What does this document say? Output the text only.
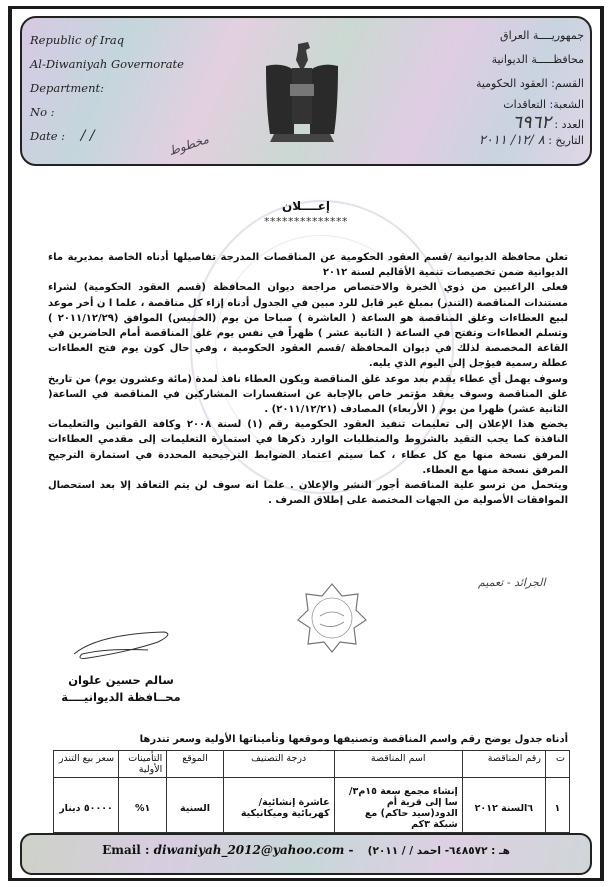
Republic of Iraq
Al-Diwaniyah Governorate
Department:
No :
Date : / /	مخطوط
جمهوريــــة العراق
محافظـــــة الديوانية
القسم: العقود الحكومية
الشعبة: التعاقدات
العدد : ٦٩٦٢
التاريخ : ٨ /١٢/ ٢٠١١
إعــــلان
**************

تعلن محافظة الديوانية /قسم العقود الحكومية عن المناقصات المدرجة تفاصيلها أدناه الخاصة بمديرية ماء الديوانية ضمن تخصيصات تنمية الأقاليم لسنة ٢٠١٢

فعلى الراغبين من ذوي الخبرة والاختصاص مراجعة ديوان المحافظة (قسم العقود الحكومية) لشراء مستندات المناقصة (التندر) بمبلغ غير قابل للرد مبين في الجدول أدناه إزاء كل مناقصة ، علما ا ن أخر موعد لبيع العطاءات وغلق المناقصة هو الساعة ( العاشرة ) صباحا من يوم (الخميس) الموافق (٢٠١١/١٢/٢٩ ) وتسلم العطاءات وتفتح في الساعة ( الثانية عشر ) ظهراً في نفس يوم غلق المناقصة أمام الحاضرين في القاعة المخصصة لذلك في ديوان المحافظة /قسم العقود الحكومية ، وفي حال كون يوم فتح العطاءات عطلة رسمية فيؤجل إلى اليوم الذي يليه.

وسوف يهمل أي عطاء يقدم بعد موعد غلق المناقصة ويكون العطاء نافذ لمدة (مائة وعشرون يوم) من تاريخ غلق المناقصة وسوف يعقد مؤتمر خاص بالإجابة عن استفسارات المشاركين في المناقصة في الساعة( الثانية عشر) ظهرا من يوم ( الأربعاء) المصادف (٢٠١١/١٢/٢١) .

يخضع هذا الإعلان إلى تعليمات تنفيذ العقود الحكومية رقم (١) لسنة ٢٠٠٨ وكافة القوانين والتعليمات النافذة كما يجب التقيد بالشروط والمتطلبات الوارد ذكرها في استمارة التعليمات إلى مقدمي العطاءات المرفق نسخة منها مع كل عطاء ، كما سيتم اعتماد الضوابط الترجيحية المحددة في استمارة الترجيح المرفق نسخة منها مع العطاء.

ويتحمل من ترسو علية المناقصة أجور النشر والإعلان . علما انه سوف لن يتم التعاقد إلا بعد استحصال الموافقات الأصولية من الجهات المختصة على إطلاق الصرف .

الجرائد - تعميم
سالم حسين علوان
محــافظة الديوانيــــة
أدناه جدول يوضح رقم واسم المناقصة وتصنيفها وموقعها وتأميناتها الأولية وسعر تندرها
ت	رقم المناقصة	اسم المناقصة	درجة التصنيف	الموقع	التأمينات الأولية	سعر بيع التندر
١	٦السنة ٢٠١٢	إنشاء مجمع سعة ١٥م٣/سا إلى قرية أم الدود(سيد حاكم) مع شبكة ٣كم	عاشرة إنشائية/ كهربائية وميكانيكية	السنية	١%	٥٠٠٠٠ دينار
Email : diwaniyah_2012@yahoo.com - هـ : ٦٤٨٥٧٢- احمد / / ٢٠١١)
